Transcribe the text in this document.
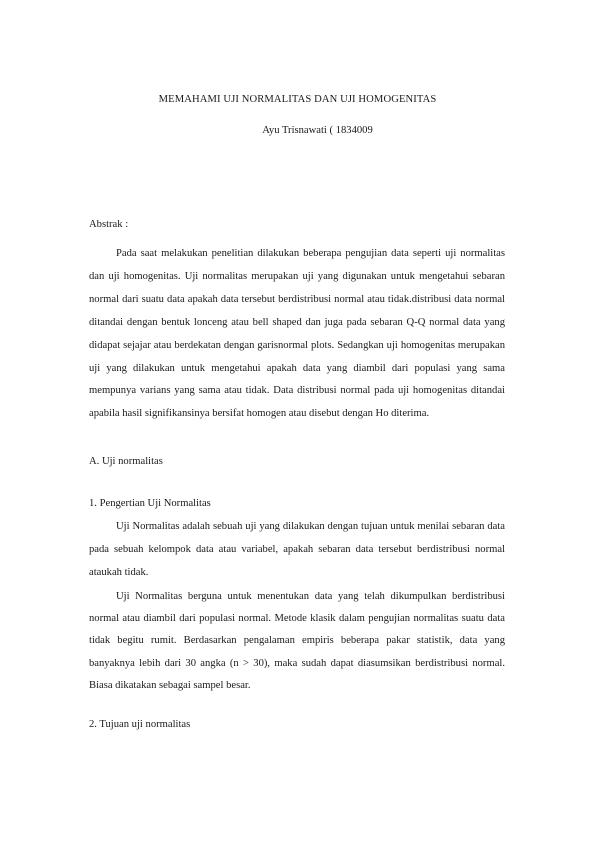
MEMAHAMI UJI NORMALITAS DAN UJI HOMOGENITAS
Ayu Trisnawati ( 1834009
Abstrak :

Pada saat melakukan penelitian dilakukan beberapa pengujian data seperti uji normalitas dan uji homogenitas. Uji normalitas merupakan uji yang digunakan untuk mengetahui sebaran normal dari suatu data apakah data tersebut berdistribusi normal atau tidak.distribusi data normal ditandai dengan bentuk lonceng atau bell shaped dan juga pada sebaran Q-Q normal data yang didapat sejajar atau berdekatan dengan garisnormal plots. Sedangkan uji homogenitas merupakan uji yang dilakukan untuk mengetahui apakah data yang diambil dari populasi yang sama mempunya varians yang sama atau tidak. Data distribusi normal pada uji homogenitas ditandai apabila hasil signifikansinya bersifat homogen atau disebut dengan Ho diterima.

A. Uji normalitas

1. Pengertian Uji Normalitas

Uji Normalitas adalah sebuah uji yang dilakukan dengan tujuan untuk menilai sebaran data pada sebuah kelompok data atau variabel, apakah sebaran data tersebut berdistribusi normal ataukah tidak.

Uji Normalitas berguna untuk menentukan data yang telah dikumpulkan berdistribusi normal atau diambil dari populasi normal. Metode klasik dalam pengujian normalitas suatu data tidak begitu rumit. Berdasarkan pengalaman empiris beberapa pakar statistik, data yang banyaknya lebih dari 30 angka (n > 30), maka sudah dapat diasumsikan berdistribusi normal. Biasa dikatakan sebagai sampel besar.

2. Tujuan uji normalitas
